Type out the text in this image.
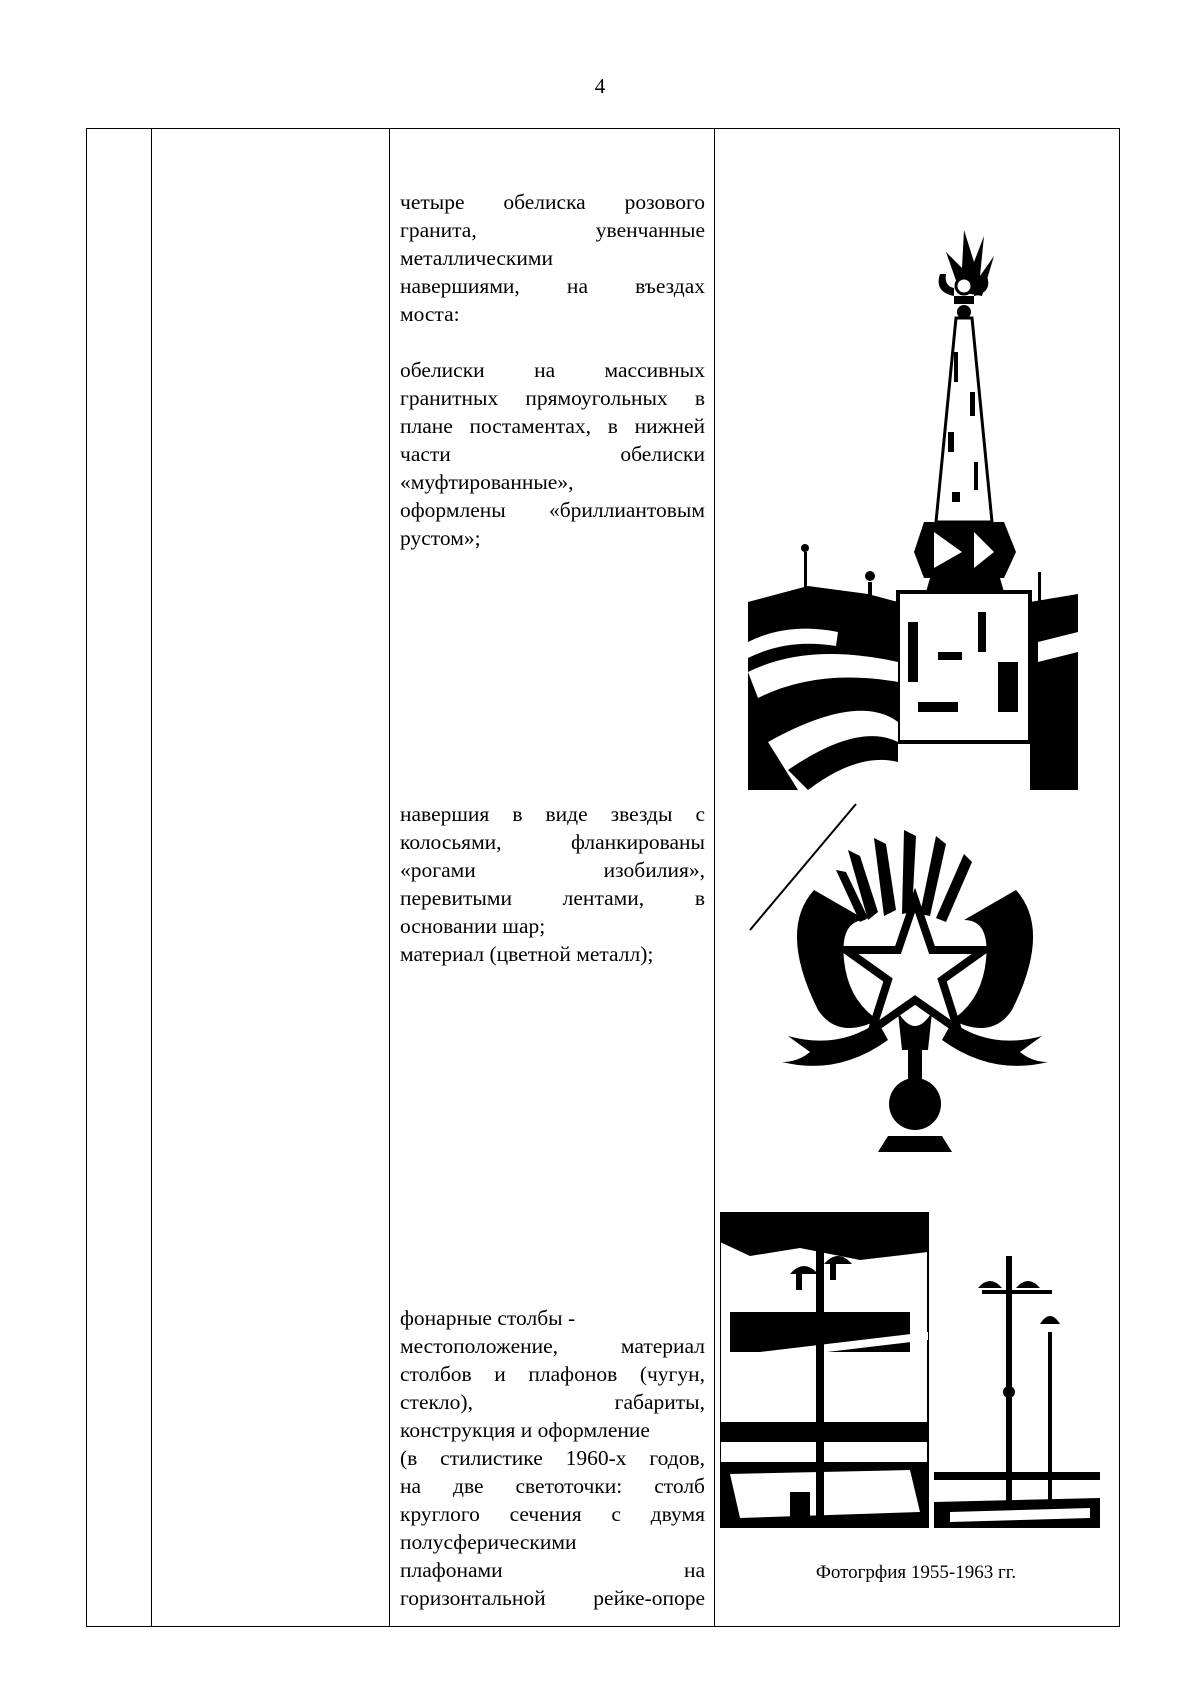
4
четыре обелиска розового
гранита, увенчанные
металлическими
навершиями, на въездах
моста:
обелиски на массивных
гранитных прямоугольных в
плане постаментах, в нижней
части обелиски
«муфтированные»,
оформлены «бриллиантовым
рустом»;
навершия в виде звезды с
колосьями, фланкированы
«рогами изобилия»,
перевитыми лентами, в
основании шар;
материал (цветной металл);
фонарные столбы -
местоположение, материал
столбов и плафонов (чугун,
стекло), габариты,
конструкция и оформление
(в стилистике 1960-х годов,
на две светоточки: столб
круглого сечения с двумя
полусферическими
плафонами на
горизонтальной рейке-опоре
Фотогрфия 1955-1963 гг.
